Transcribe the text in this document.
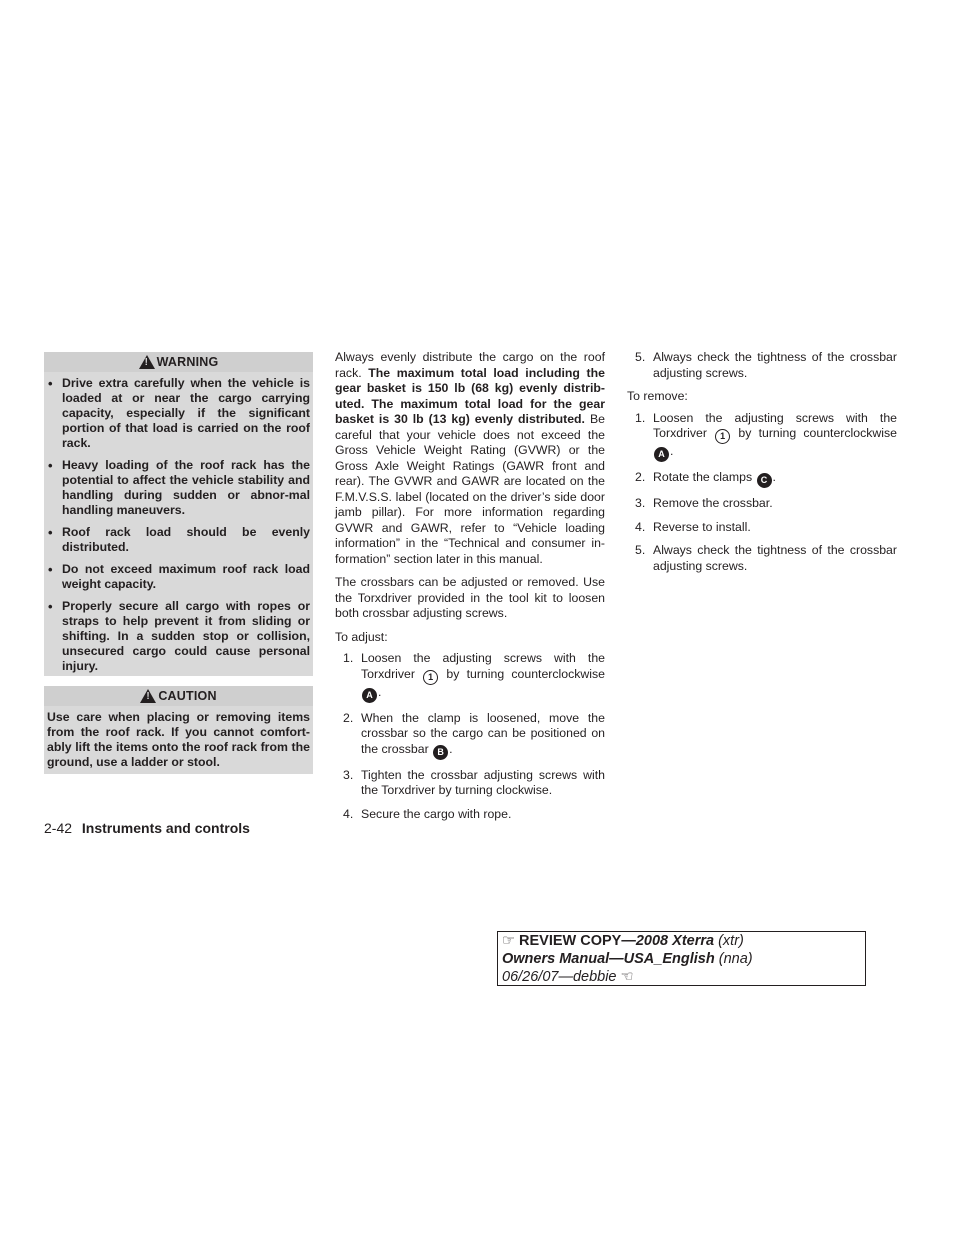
!
WARNING
• Drive extra carefully when the vehicle is loaded at or near the cargo carrying capacity, especially if the significant portion of that load is carried on the roof rack.
• Heavy loading of the roof rack has the potential to affect the vehicle stability and handling during sudden or abnor-mal handling maneuvers.
• Roof rack load should be evenly distributed.
• Do not exceed maximum roof rack load weight capacity.
• Properly secure all cargo with ropes or straps to help prevent it from sliding or shifting. In a sudden stop or collision, unsecured cargo could cause personal injury.
!
CAUTION
Use care when placing or removing items from the roof rack. If you cannot comfort-ably lift the items onto the roof rack from the ground, use a ladder or stool.

Always evenly distribute the cargo on the roof rack. The maximum total load including the gear basket is 150 lb (68 kg) evenly distrib-uted. The maximum total load for the gear basket is 30 lb (13 kg) evenly distributed. Be careful that your vehicle does not exceed the Gross Vehicle Weight Rating (GVWR) or the Gross Axle Weight Ratings (GAWR front and rear). The GVWR and GAWR are located on the F.M.V.S.S. label (located on the driver’s side door jamb pillar). For more information regarding GVWR and GAWR, refer to “Vehicle loading information” in the “Technical and consumer in-formation” section later in this manual.

The crossbars can be adjusted or removed. Use the Torxdriver provided in the tool kit to loosen both crossbar adjusting screws.

To adjust:

1. Loosen the adjusting screws with the Torxdriver 1 by turning counterclockwise A .
2. When the clamp is loosened, move the crossbar so the cargo can be positioned on the crossbar B .
3. Tighten the crossbar adjusting screws with the Torxdriver by turning clockwise.
4. Secure the cargo with rope.
5. Always check the tightness of the crossbar adjusting screws.

To remove:

1. Loosen the adjusting screws with the Torxdriver 1 by turning counterclockwise A .
2. Rotate the clamps C .
3. Remove the crossbar.
4. Reverse to install.
5. Always check the tightness of the crossbar adjusting screws.
2-42 Instruments and controls
☞ REVIEW COPY—2008 Xterra (xtr)
Owners Manual—USA_English (nna)
06/26/07—debbie ☜
